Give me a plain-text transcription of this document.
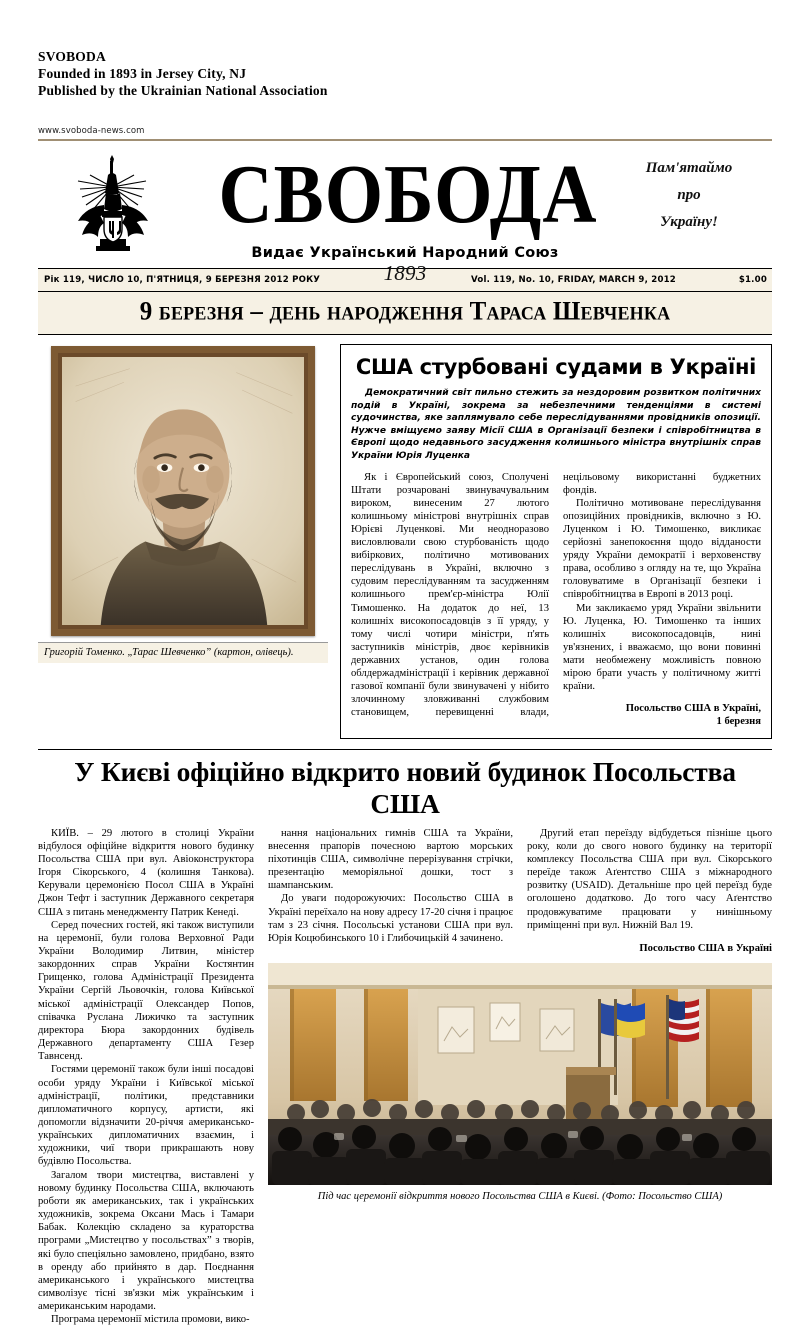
SVOBODA
Founded in 1893 in Jersey City, NJ
Published by the Ukrainian National Association
www.svoboda-news.com
СВОБОДА
Видає Український Народний Союз
Пам'ятаймо
про
Україну!
Рік 119, ЧИСЛО 10, П'ЯТНИЦЯ, 9 БЕРЕЗНЯ 2012 РОКУ	1893	Vol. 119, No. 10, FRIDAY, MARCH 9, 2012	$1.00
9 березня – день народження Тараса Шевченка
Григорій Томенко. „Тарас Шевченко” (картон, олівець).
США стурбовані судами в Україні
Демократичний світ пильно стежить за нездоровим розвитком політичних подій в Україні, зокрема за небезпечними тенденціями в системі судочинства, яке заплямувало себе переслідуваннями провідників опозиції. Нужче вміщуємо заяву Місії США в Організації безпеки і співробітництва в Європі щодо недавнього засудження колишнього міністра внутрішніх справ України Юрія Луценка

Як і Європейський союз, Сполучені Штати розчаровані звинувачувальним вироком, винесеним 27 лютого колишньому міністрові внутрішніх справ Юрієві Луценкові. Ми неодноразово висловлювали свою стурбованість щодо вибіркових, політично мотивованих переслідувань в Україні, включно з судовим переслідуванням та засудженням колишнього прем'єр-міністра Юлії Тимошенко. На додаток до неї, 13 колишніх високопосадовців з її уряду, у тому числі чотири міністри, п'ять заступників міністрів, двоє керівників державних установ, один голова облдержадміністрації і керівник державної газової компанії були звинувачені у нібито злочинному зловживанні службовим становищем, перевищенні влади, нецільовому використанні буджетних фондів.

Політично мотивоване переслідування опозиційних провідників, включно з Ю. Луценком і Ю. Тимошенко, викликає серйозні занепокоєння щодо відданости уряду України демократії і верховенству права, особливо з огляду на те, що Україна головуватиме в Організації безпеки і співробітництва в Европі в 2013 році.

Ми закликаємо уряд України звільнити Ю. Луценка, Ю. Тимошенко та інших колишніх високопосадовців, нині ув'язнених, і вважаємо, що вони повинні мати необмежену можливість повною мірою брати участь у політичному житті країни.

Посольство США в Україні,

1 березня

У Києві офіційно відкрито новий будинок Посольства США

КИЇВ. – 29 лютого в столиці України відбулося офіційне відкриття нового будинку Посольства США при вул. Авіоконструктора Ігоря Сікорського, 4 (колишня Танкова). Керували церемонією Посол США в Україні Джон Тефт і заступник Державного секретаря США з питань менеджменту Патрик Кенеді.

Серед почесних гостей, які також виступили на церемонії, були голова Верховної Ради України Володимир Литвин, міністер закордонних справ України Костянтин Грищенко, голова Адміністрації Президента України Сергій Льовочкін, голова Київської міської адміністрації Олександер Попов, співачка Руслана Лижичко та заступник директора Бюра закордонних будівель Державного департаменту США Гезер Тавнсенд.

Гостями церемонії також були інші посадові особи уряду України і Київської міської адміністрації, політики, представники дипломатичного корпусу, артисти, які допомогли відзначити 20-річчя американсько-українських дипломатичних взаємин, і художники, чиї твори прикрашають нову будівлю Посольства.

Загалом твори мистецтва, виставлені у новому будинку Посольства США, включають роботи як американських, так і українських художників, зокрема Оксани Мась і Тамари Бабак. Колекцію складено за кураторства програми „Мистецтво у посольствах” з творів, які було спеціяльно замовлено, придбано, взято в оренду або прийнято в дар. Поєднання американського і українського мистецтва символізує тісні зв'язки між українським і американським народами.

Програма церемонії містила промови, вико-

нання національних гимнів США та України, внесення прапорів почесною вартою морських піхотинців США, символічне перерізування стрічки, презентацію меморіяльної дошки, тост з шампанським.

До уваги подорожуючих: Посольство США в Україні переїхало на нову адресу 17-20 січня і працює там з 23 січня. Посольські установи США при вул. Юрія Коцюбинського 10 і Глибочицькій 4 зачинено.

Другий етап переїзду відбудеться пізніше цього року, коли до свого нового будинку на території комплексу Посольства США при вул. Сікорського переїде також Аґентство США з міжнародного розвитку (USAID). Детальніше про цей переїзд буде оголошено додатково. До того часу Аґентство продовжуватиме працювати у нинішньому приміщенні при вул. Нижній Вал 19.

Посольство США в Україні

Під час церемонії відкриття нового Посольства США в Києві. (Фото: Посольство США)
